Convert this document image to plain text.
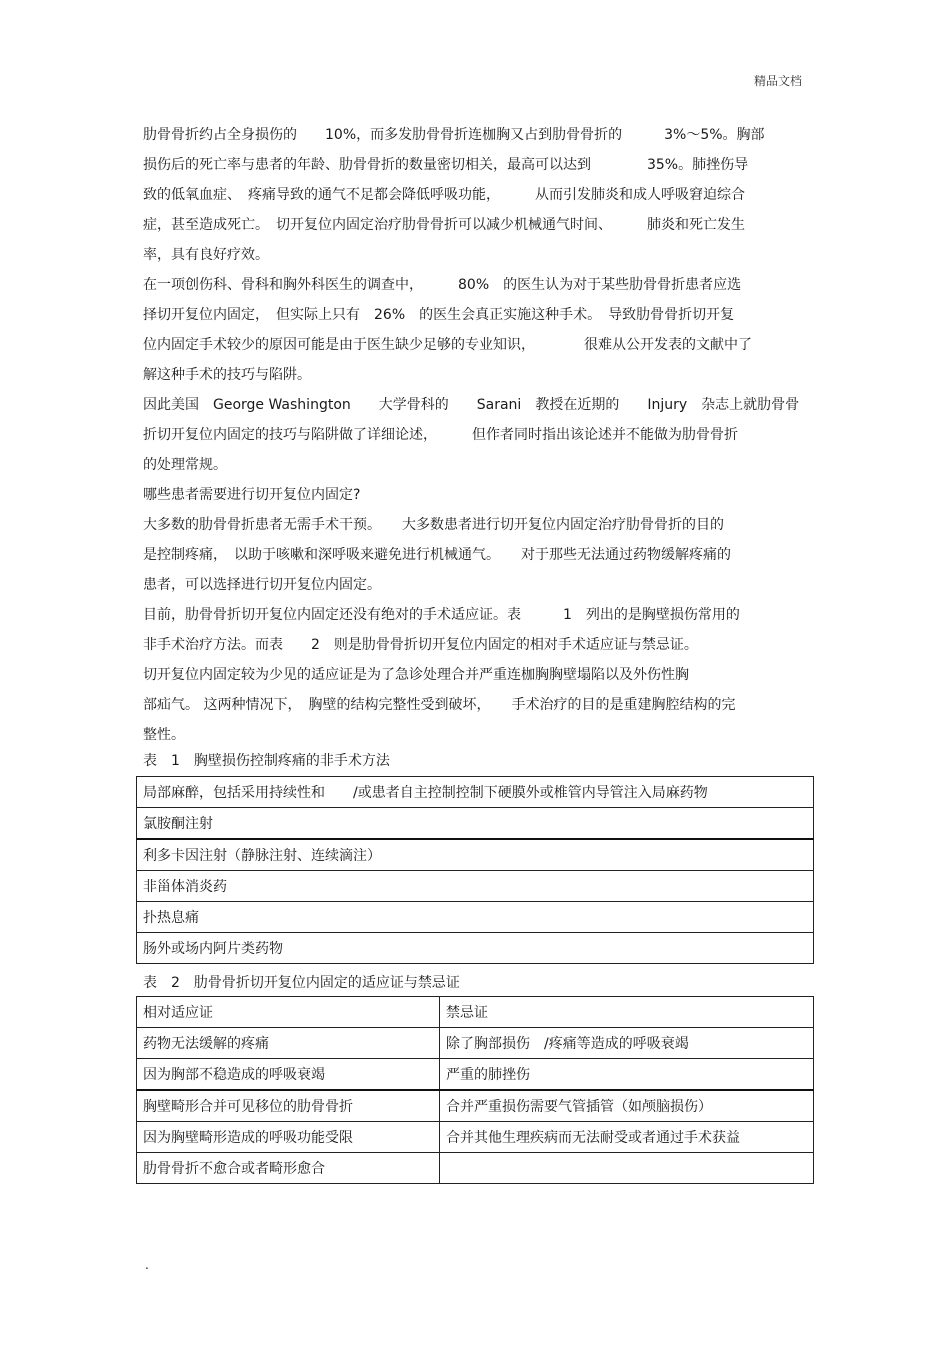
精品文档

肋骨骨折约占全身损伤的　　10%，而多发肋骨骨折连枷胸又占到肋骨骨折的　　　3%～5%。胸部

损伤后的死亡率与患者的年龄、肋骨骨折的数量密切相关，最高可以达到　　　　35%。肺挫伤导

致的低氧血症、　疼痛导致的通气不足都会降低呼吸功能，　　　从而引发肺炎和成人呼吸窘迫综合

症，甚至造成死亡。　切开复位内固定治疗肋骨骨折可以减少机械通气时间、　　　肺炎和死亡发生

率，具有良好疗效。

在一项创伤科、骨科和胸外科医生的调查中，　　　80%　的医生认为对于某些肋骨骨折患者应选

择切开复位内固定，　但实际上只有　26%　的医生会真正实施这种手术。　导致肋骨骨折切开复

位内固定手术较少的原因可能是由于医生缺少足够的专业知识，　　　　很难从公开发表的文献中了

解这种手术的技巧与陷阱。

因此美国　George Washington　　大学骨科的　　Sarani　教授在近期的　　Injury　杂志上就肋骨骨

折切开复位内固定的技巧与陷阱做了详细论述，　　　但作者同时指出该论述并不能做为肋骨骨折

的处理常规。

哪些患者需要进行切开复位内固定?

大多数的肋骨骨折患者无需手术干预。　　大多数患者进行切开复位内固定治疗肋骨骨折的目的

是控制疼痛，　以助于咳嗽和深呼吸来避免进行机械通气。　　对于那些无法通过药物缓解疼痛的

患者，可以选择进行切开复位内固定。

目前，肋骨骨折切开复位内固定还没有绝对的手术适应证。表　　　1　列出的是胸壁损伤常用的

非手术治疗方法。而表　　2　则是肋骨骨折切开复位内固定的相对手术适应证与禁忌证。

切开复位内固定较为少见的适应证是为了急诊处理合并严重连枷胸胸壁塌陷以及外伤性胸

部疝气。 这两种情况下，　胸壁的结构完整性受到破坏，　　手术治疗的目的是重建胸腔结构的完

整性。

表　1　胸壁损伤控制疼痛的非手术方法

局部麻醉，包括采用持续性和　　/或患者自主控制控制下硬膜外或椎管内导管注入局麻药物
氯胺酮注射
利多卡因注射（静脉注射、连续滴注）
非甾体消炎药
扑热息痛
肠外或场内阿片类药物

表　2　肋骨骨折切开复位内固定的适应证与禁忌证

相对适应证	禁忌证
药物无法缓解的疼痛	除了胸部损伤　/疼痛等造成的呼吸衰竭
因为胸部不稳造成的呼吸衰竭	严重的肺挫伤
胸壁畸形合并可见移位的肋骨骨折	合并严重损伤需要气管插管（如颅脑损伤）
因为胸壁畸形造成的呼吸功能受限	合并其他生理疾病而无法耐受或者通过手术获益
肋骨骨折不愈合或者畸形愈合	
.
